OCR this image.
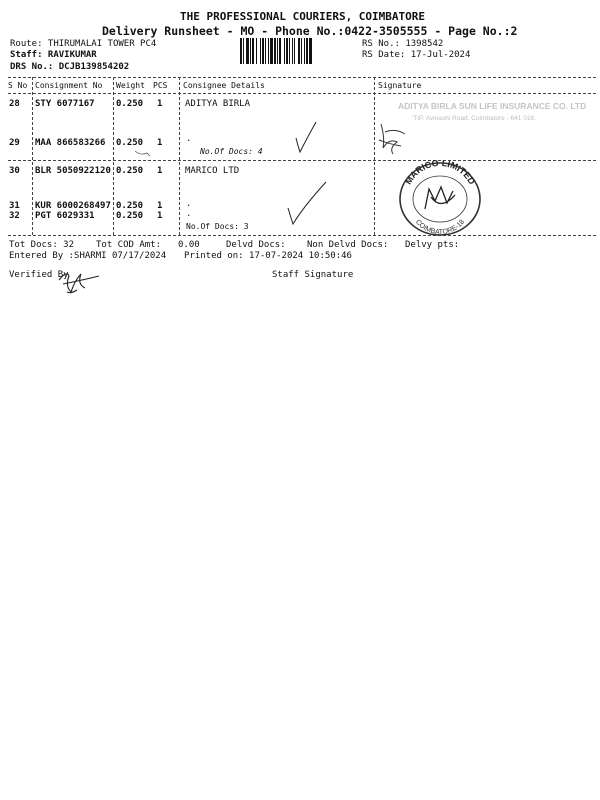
THE PROFESSIONAL COURIERS, COIMBATORE
Delivery Runsheet - MO - Phone No.:0422-3505555 - Page No.:2
Route: THIRUMALAI TOWER PC4
Staff: RAVIKUMAR
DRS No.: DCJB139854202
RS No.: 1398542
RS Date: 17-Jul-2024
S No Consignment No Weight PCS Consignee Details	Signature
28 STY 6077167 0.250 1	ADITYA BIRLA
29 MAA 866583266 0.250 1	.
No.Of Docs: 4
30 BLR 5050922120 0.250 1	MARICO LTD
31 KUR 6000268497 0.250 1	.
32 PGT 6029331 0.250 1	.
No.Of Docs: 3
ADITYA BIRLA SUN LIFE INSURANCE CO. LTD
'TIP, Avinashi Road, Coimbatore - 641 018.
MARICO LIMITED
COIMBATORE-18
Tot Docs: 32 Tot COD Amt: 0.00	Delvd Docs: Non Delvd Docs: Delvy pts:
Entered By :SHARMI 07/17/2024 Printed on: 17-07-2024 10:50:46
Verified By	Staff Signature
